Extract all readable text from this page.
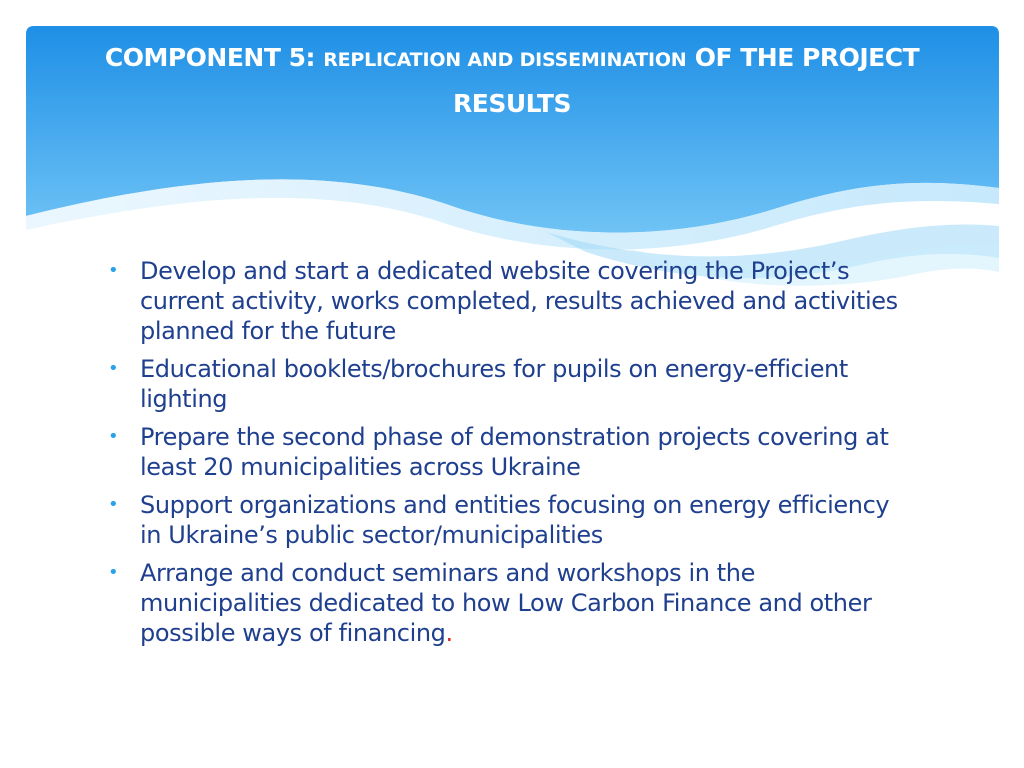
COMPONENT 5: REPLICATION AND DISSEMINATION OF THE PROJECT RESULTS
• Develop and start a dedicated website covering the Project’s current activity, works completed, results achieved and activities planned for the future
• Educational booklets/brochures for pupils on energy-efficient lighting
• Prepare the second phase of demonstration projects covering at least 20 municipalities across Ukraine
• Support organizations and entities focusing on energy efficiency in Ukraine’s public sector/municipalities
• Arrange and conduct seminars and workshops in the municipalities dedicated to how Low Carbon Finance and other possible ways of financing.
